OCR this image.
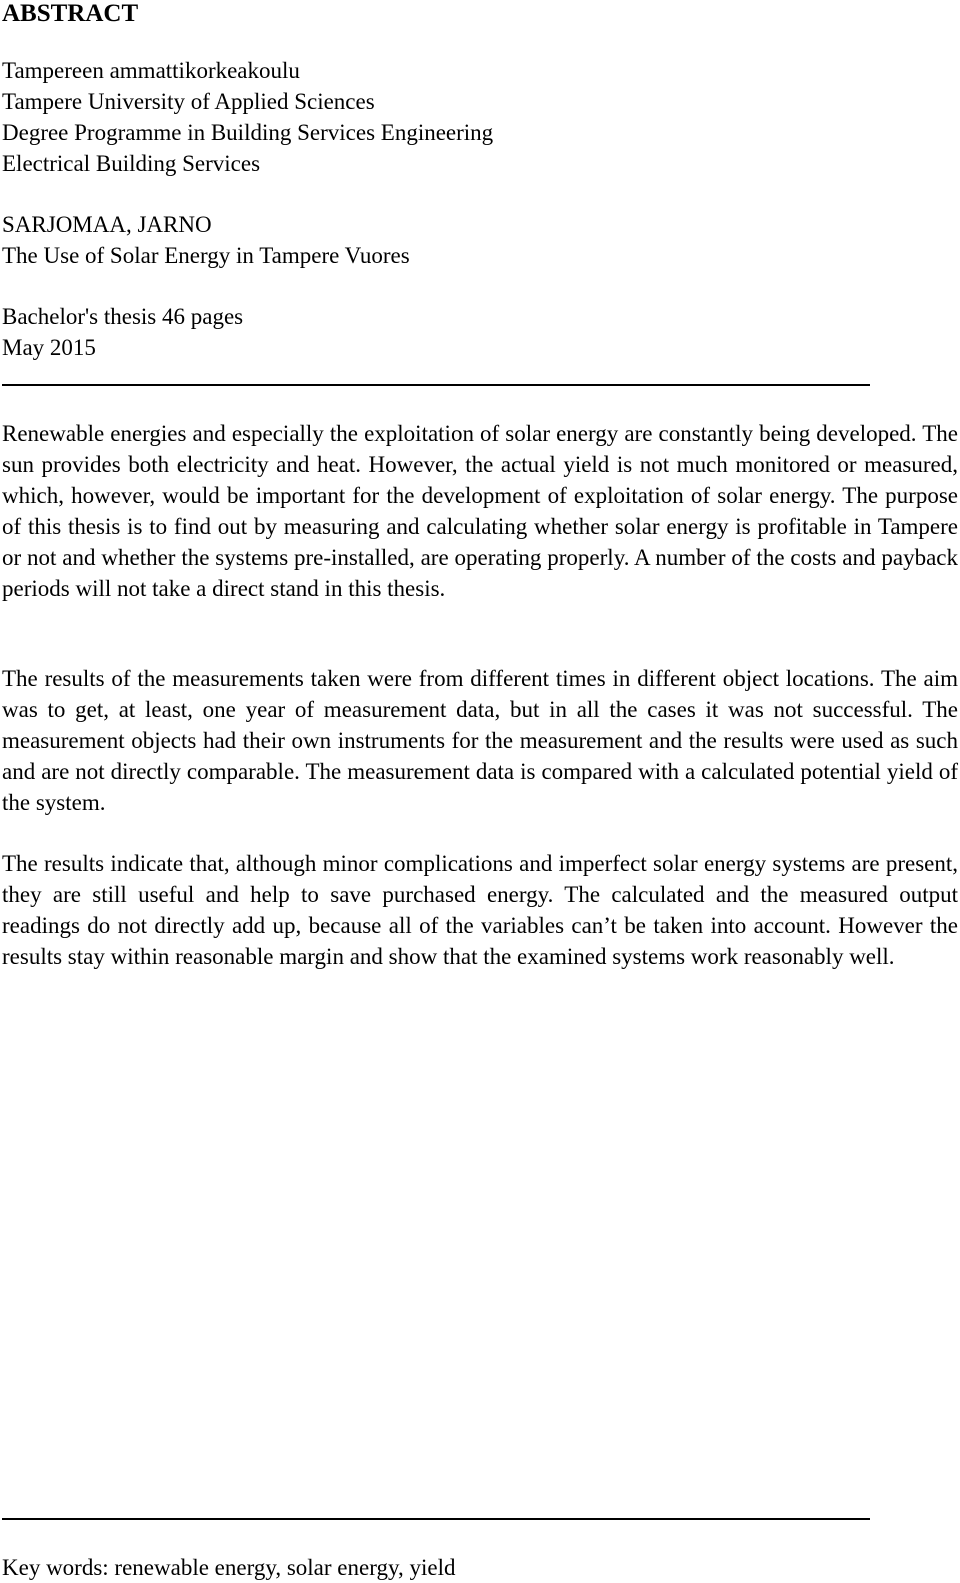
ABSTRACT
Tampereen ammattikorkeakoulu
Tampere University of Applied Sciences
Degree Programme in Building Services Engineering
Electrical Building Services
SARJOMAA, JARNO
The Use of Solar Energy in Tampere Vuores
Bachelor's thesis 46 pages
May 2015

Renewable energies and especially the exploitation of solar energy are constantly being developed. The sun provides both electricity and heat. However, the actual yield is not much monitored or measured, which, however, would be important for the development of exploitation of solar energy. The purpose of this thesis is to find out by measuring and calculating whether solar energy is profitable in Tampere or not and whether the systems pre-installed, are operating properly. A number of the costs and payback periods will not take a direct stand in this thesis.

The results of the measurements taken were from different times in different object locations. The aim was to get, at least, one year of measurement data, but in all the cases it was not successful. The measurement objects had their own instruments for the measurement and the results were used as such and are not directly comparable. The measurement data is compared with a calculated potential yield of the system.

The results indicate that, although minor complications and imperfect solar energy systems are present, they are still useful and help to save purchased energy. The calculated and the measured output readings do not directly add up, because all of the variables can’t be taken into account. However the results stay within reasonable margin and show that the examined systems work reasonably well.

Key words: renewable energy, solar energy, yield
